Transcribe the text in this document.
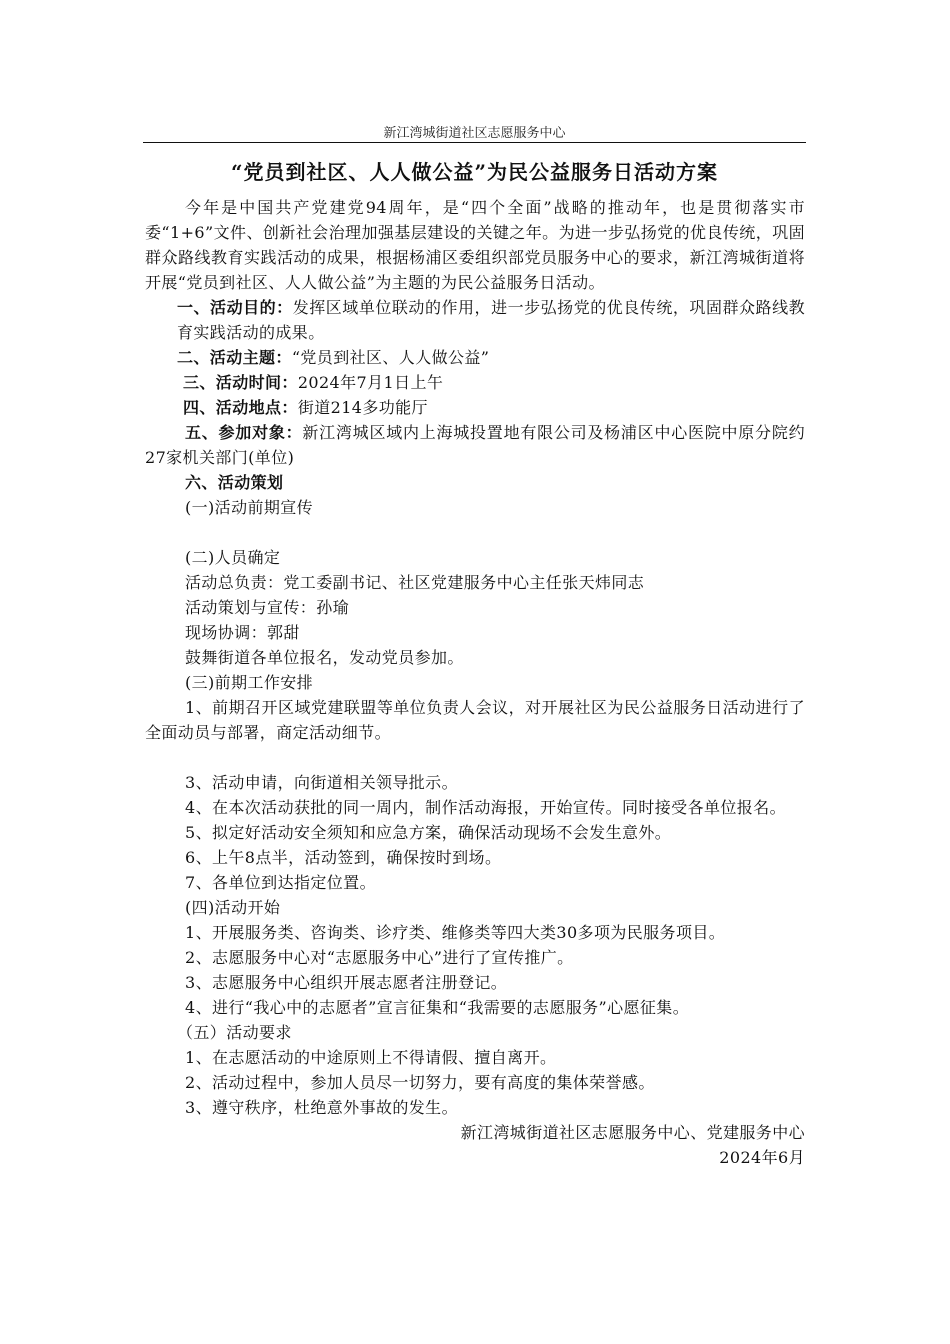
新江湾城街道社区志愿服务中心
“党员到社区、人人做公益”为民公益服务日活动方案

今年是中国共产党建党94周年，是“四个全面”战略的推动年，也是贯彻落实市委“1+6”文件、创新社会治理加强基层建设的关键之年。为进一步弘扬党的优良传统，巩固群众路线教育实践活动的成果，根据杨浦区委组织部党员服务中心的要求，新江湾城街道将开展“党员到社区、人人做公益”为主题的为民公益服务日活动。

一、活动目的：发挥区域单位联动的作用，进一步弘扬党的优良传统，巩固群众路线教育实践活动的成果。

二、活动主题：“党员到社区、人人做公益”

三、活动时间：2024年7月1日上午

四、活动地点：街道214多功能厅

五、参加对象：新江湾城区域内上海城投置地有限公司及杨浦区中心医院中原分院约27家机关部门(单位)

六、活动策划

(一)活动前期宣传

(二)人员确定

活动总负责：党工委副书记、社区党建服务中心主任张天炜同志

活动策划与宣传：孙瑜

现场协调：郭甜

鼓舞街道各单位报名，发动党员参加。

(三)前期工作安排

1、前期召开区域党建联盟等单位负责人会议，对开展社区为民公益服务日活动进行了全面动员与部署，商定活动细节。

3、活动申请，向街道相关领导批示。

4、在本次活动获批的同一周内，制作活动海报，开始宣传。同时接受各单位报名。

5、拟定好活动安全须知和应急方案，确保活动现场不会发生意外。

6、上午8点半，活动签到，确保按时到场。

7、各单位到达指定位置。

(四)活动开始

1、开展服务类、咨询类、诊疗类、维修类等四大类30多项为民服务项目。

2、志愿服务中心对“志愿服务中心”进行了宣传推广。

3、志愿服务中心组织开展志愿者注册登记。

4、进行“我心中的志愿者”宣言征集和“我需要的志愿服务”心愿征集。

（五）活动要求

1、在志愿活动的中途原则上不得请假、擅自离开。

2、活动过程中，参加人员尽一切努力，要有高度的集体荣誉感。

3、遵守秩序，杜绝意外事故的发生。

新江湾城街道社区志愿服务中心、党建服务中心

2024年6月
